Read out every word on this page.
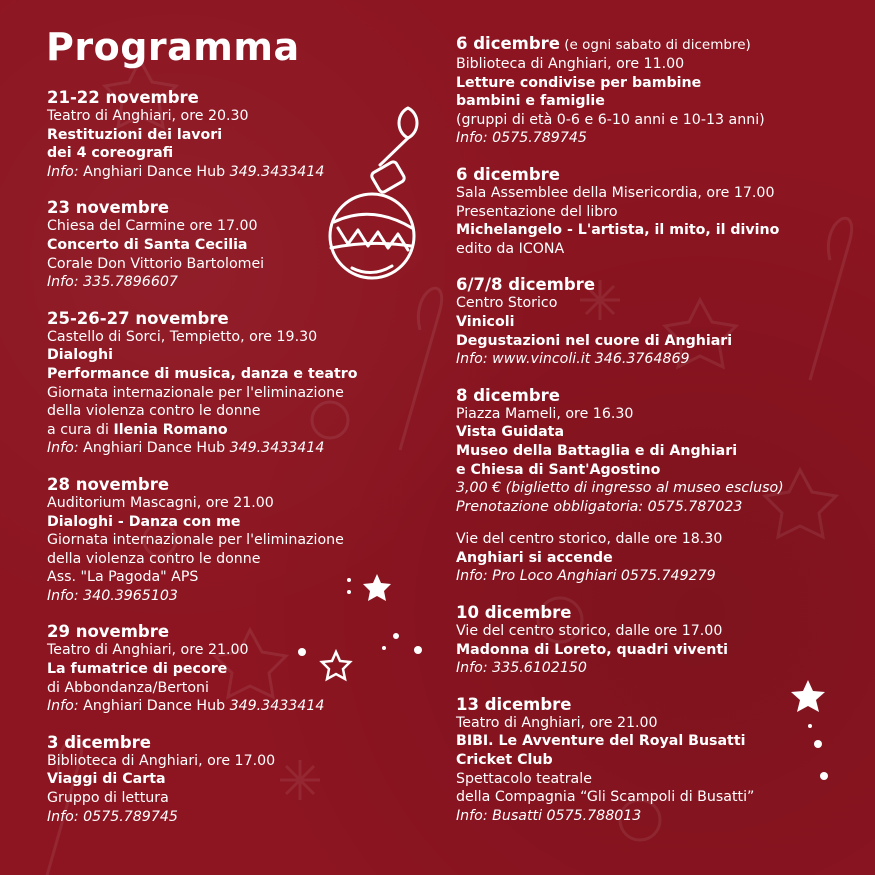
Programma
21-22 novembre
Teatro di Anghiari, ore 20.30
Restituzioni dei lavori
dei 4 coreografi
Info: Anghiari Dance Hub 349.3433414
23 novembre
Chiesa del Carmine ore 17.00
Concerto di Santa Cecilia
Corale Don Vittorio Bartolomei
Info: 335.7896607
25-26-27 novembre
Castello di Sorci, Tempietto, ore 19.30
Dialoghi
Performance di musica, danza e teatro
Giornata internazionale per l'eliminazione
della violenza contro le donne
a cura di Ilenia Romano
Info: Anghiari Dance Hub 349.3433414
28 novembre
Auditorium Mascagni, ore 21.00
Dialoghi - Danza con me
Giornata internazionale per l'eliminazione
della violenza contro le donne
Ass. "La Pagoda" APS
Info: 340.3965103
29 novembre
Teatro di Anghiari, ore 21.00
La fumatrice di pecore
di Abbondanza/Bertoni
Info: Anghiari Dance Hub 349.3433414
3 dicembre
Biblioteca di Anghiari, ore 17.00
Viaggi di Carta
Gruppo di lettura
Info: 0575.789745
6 dicembre (e ogni sabato di dicembre)
Biblioteca di Anghiari, ore 11.00
Letture condivise per bambine
bambini e famiglie
(gruppi di età 0-6 e 6-10 anni e 10-13 anni)
Info: 0575.789745
6 dicembre
Sala Assemblee della Misericordia, ore 17.00
Presentazione del libro
Michelangelo - L'artista, il mito, il divino
edito da ICONA
6/7/8 dicembre
Centro Storico
Vinicoli
Degustazioni nel cuore di Anghiari
Info: www.vincoli.it 346.3764869
8 dicembre
Piazza Mameli, ore 16.30
Vista Guidata
Museo della Battaglia e di Anghiari
e Chiesa di Sant'Agostino
3,00 € (biglietto di ingresso al museo escluso)
Prenotazione obbligatoria: 0575.787023
Vie del centro storico, dalle ore 18.30
Anghiari si accende
Info: Pro Loco Anghiari 0575.749279
10 dicembre
Vie del centro storico, dalle ore 17.00
Madonna di Loreto, quadri viventi
Info: 335.6102150
13 dicembre
Teatro di Anghiari, ore 21.00
BIBI. Le Avventure del Royal Busatti
Cricket Club
Spettacolo teatrale
della Compagnia “Gli Scampoli di Busatti”
Info: Busatti 0575.788013
